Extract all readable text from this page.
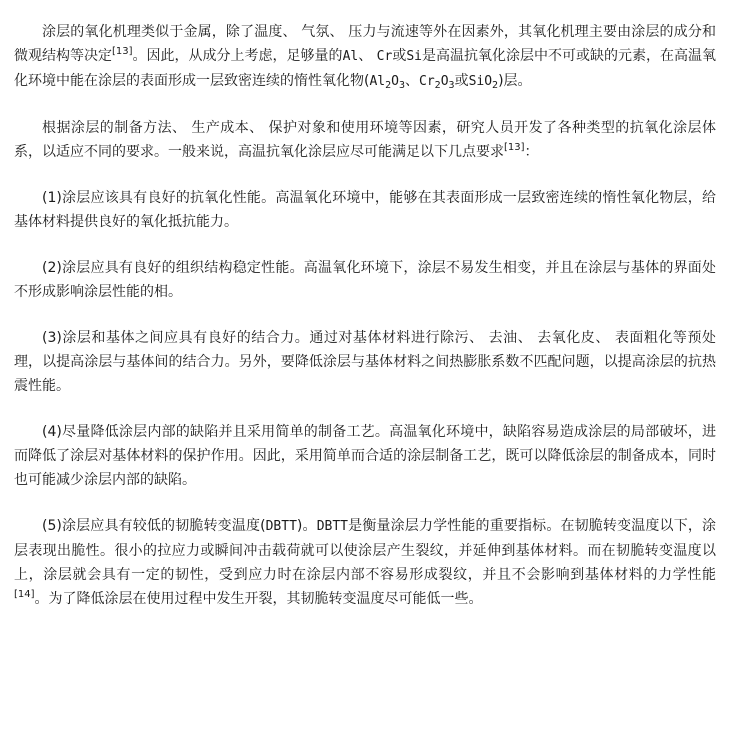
涂层的氧化机理类似于金属，除了温度、 气氛、 压力与流速等外在因素外，其氧化机理主要由涂层的成分和微观结构等决定[13]。因此，从成分上考虑，足够量的Al、 Cr或Si是高温抗氧化涂层中不可或缺的元素，在高温氧化环境中能在涂层的表面形成一层致密连续的惰性氧化物($Al_2O_3$、$Cr_2O_3$或SiO$_2$)层。

根据涂层的制备方法、 生产成本、 保护对象和使用环境等因素，研究人员开发了各种类型的抗氧化涂层体系，以适应不同的要求。一般来说，高温抗氧化涂层应尽可能满足以下几点要求[13]：

(1)涂层应该具有良好的抗氧化性能。高温氧化环境中，能够在其表面形成一层致密连续的惰性氧化物层，给基体材料提供良好的氧化抵抗能力。

(2)涂层应具有良好的组织结构稳定性能。高温氧化环境下，涂层不易发生相变，并且在涂层与基体的界面处不形成影响涂层性能的相。

(3)涂层和基体之间应具有良好的结合力。通过对基体材料进行除污、 去油、 去氧化皮、 表面粗化等预处理，以提高涂层与基体间的结合力。另外，要降低涂层与基体材料之间热膨胀系数不匹配问题，以提高涂层的抗热震性能。

(4)尽量降低涂层内部的缺陷并且采用简单的制备工艺。高温氧化环境中，缺陷容易造成涂层的局部破坏，进而降低了涂层对基体材料的保护作用。因此，采用简单而合适的涂层制备工艺，既可以降低涂层的制备成本，同时也可能减少涂层内部的缺陷。

(5)涂层应具有较低的韧脆转变温度(DBTT)。DBTT是衡量涂层力学性能的重要指标。在韧脆转变温度以下，涂层表现出脆性。很小的拉应力或瞬间冲击载荷就可以使涂层产生裂纹，并延伸到基体材料。而在韧脆转变温度以上，涂层就会具有一定的韧性，受到应力时在涂层内部不容易形成裂纹，并且不会影响到基体材料的力学性能[14]。为了降低涂层在使用过程中发生开裂，其韧脆转变温度尽可能低一些。
